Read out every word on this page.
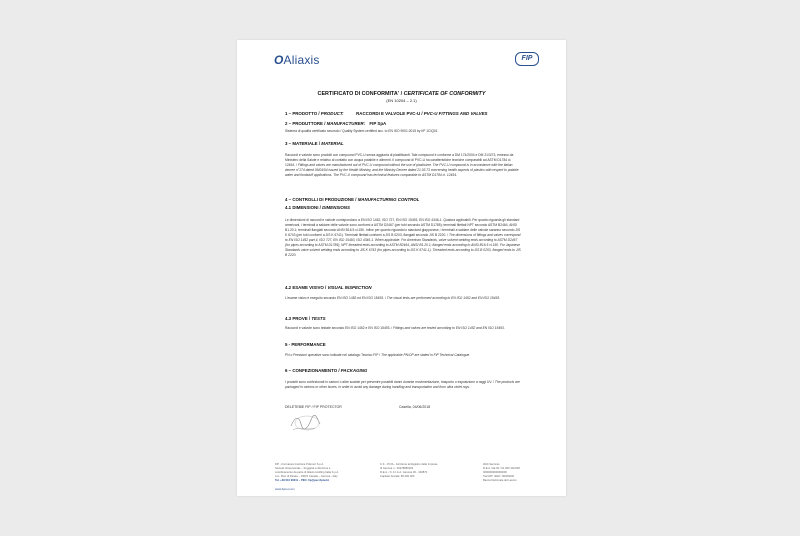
OAliaxis	FIP
CERTIFICATO DI CONFORMITA' / CERTIFICATE OF CONFORMITY
(EN 10204 – 2.1)
1 – PRODOTTO / PRODUCT:	RACCORDI E VALVOLE PVC-U / PVC-U FITTINGS AND VALVES
2 – PRODUTTORE / MANUFACTURER: FIP SpA
Sistema di qualità certificato secondo / Quality System certified acc. to EN ISO 9001:2015 by IIP 1CIQ01
3 – MATERIALE / MATERIAL
Raccordi e valvole sono prodotti con compound PVC-U senza aggiunta di plastificanti. Tale compound è conforme a DM 174/2004 e DM 21/3/73, emesso da Ministero della Salute e relativo al contatto con acqua potabile e alimenti. Il compound di PVC-U ha caratteristiche tecniche comparabili ad ASTM D1784 cl. 12454. / Fittings and valves are manufactured out of PVC-U compound without the use of plasticizer. The PVC-U compound is in accordance with the Italian decree n°174 dated 06/04/04 issued by the Health Ministry, and the Ministry Decree dated 21.03.73 concerning health aspects of plastics with respect to potable water and foodstuff applications. The PVC-U compound has technical features comparable to ASTM D1784 cl. 12454.
4 – CONTROLLI DI PRODUZIONE / MANUFACTURING CONTROL
4.1 DIMENSIONI / DIMENSIONS
Le dimensioni di raccordi e valvole corrispondono a EN ISO 1452, ISO 727, EN ISO 15493, EN ISO 4346-1. Qualora applicabili. Per quanto riguarda gli standard americani, i terminali a saldare delle valvole sono conformi a ASTM D2467 (per tubi secondo ASTM D1785); terminali filettati NPT secondo ASTM B2464, ANSI B1.20.1; terminali flangiati secondo ANSI B16.5 cl.150. Infine per quanto riguarda lo standard giapponese, i terminali a saldare delle valvole saranno secondo JIS K 6743 (per tubi conformi a JIS K 6741). Terminali filettati conformi a JIS B 0203, flangiati secondo JIS B 2220. / The dimensions of fittings and valves correspond to EN ISO 1452 part 4, ISO 727, EN ISO 15493, ISO 4346-1. When applicable. For American Standards, valve solvent welding ends according to ASTM D2467 (for pipes according to ASTM D1785); NPT threaded ends according to ASTM B2464, ANSI B1.20.1; flanged ends according to ANSI B16.5 cl.150. For Japanese Standards valve solvent welding ends according to JIS K 6743 (for pipes according to JIS K 6741-1). Threaded ends according to JIS B 0203, flanged ends to JIS B 2220.
4.2 ESAME VISIVO / VISUAL INSPECTION
L'esame visivo è eseguito secondo EN ISO 1452 ed EN ISO 15493. / The visual tests are performed according to EN ISO 1452 and EN ISO 15493.
4.3 PROVE / TESTS
Raccordi e valvole sono testate secondo EN ISO 1452 e EN ISO 15493. / Fittings and valves are tested according to EN ISO 1452 and EN ISO 15493.
5 - PERFORMANCE
PN o Pressioni operative sono indicate nel catalogo Tecnico FIP / The applicable PN/OP are stated in FIP Technical Catalogue.
6 – CONFEZIONAMENTO / PACKAGING
I prodotti sono confezionati in cartoni o altre scatole per prevenire possibili danni durante movimentazione, trasporto o esposizione a raggi UV. / The products are packaged in cartons or other boxes, in order to avoid any damage during handling and transportation and from ultra violet rays.
DELETEBIE FIP / FIP PROTECTOR	Casella, 04/06/2018
FIP - Formatura Iniezione Polimeri S.p.A.
Società Unipersonale – Soggetta a direzione e
coordinamento da parte di Aliaxis Holding Italia S.p.A.
Loc. Pian di Parata – 16015 Casella – Genova - Italy
Tel. +39 010 96211 – PEC: fip@pec.fipnet.it
C.F. - P.IVA - Iscrizione al Registro delle Imprese
di Genova n.: 00278880103
R.E.A. / C.C.I.A.A. Genova 00 - 190870
Capitale Sociale: €6.200.000
Web Services
R.E.A. GE 00 / 01 000 411/000
0000000000000000
Tax/VAT: 4022 / 00000000
Banca Nazionale del Lavoro
www.fipnet.com
